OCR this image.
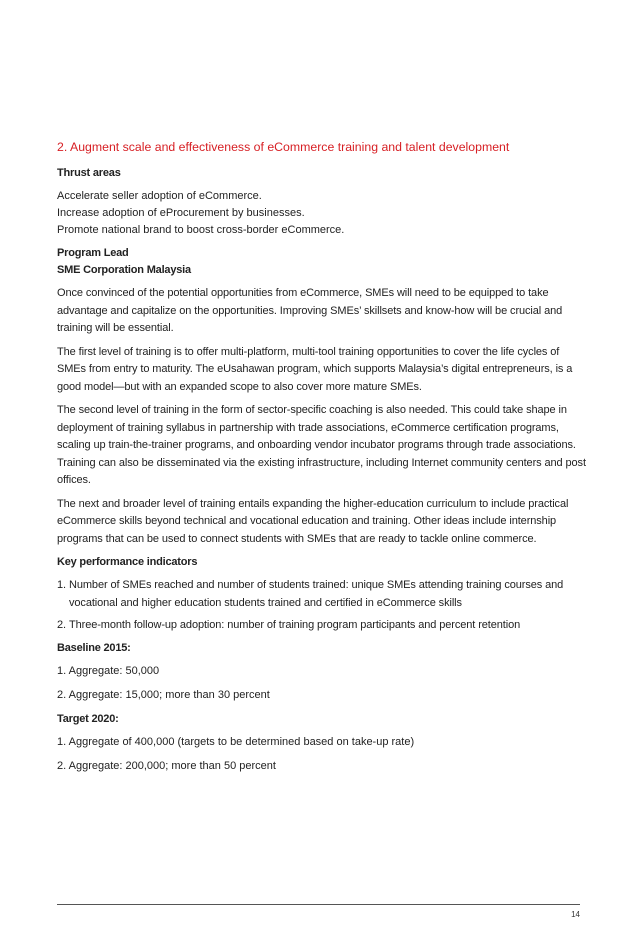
2. Augment scale and effectiveness of eCommerce training and talent development
Thrust areas
Accelerate seller adoption of eCommerce.
Increase adoption of eProcurement by businesses.
Promote national brand to boost cross-border eCommerce.
Program Lead
SME Corporation Malaysia

Once convinced of the potential opportunities from eCommerce, SMEs will need to be equipped to take advantage and capitalize on the opportunities. Improving SMEs’ skillsets and know-how will be crucial and training will be essential.

The first level of training is to offer multi-platform, multi-tool training opportunities to cover the life cycles of SMEs from entry to maturity. The eUsahawan program, which supports Malaysia’s digital entrepreneurs, is a good model—but with an expanded scope to also cover more mature SMEs.

The second level of training in the form of sector-specific coaching is also needed. This could take shape in deployment of training syllabus in partnership with trade associations, eCommerce certification programs, scaling up train-the-trainer programs, and onboarding vendor incubator programs through trade associations. Training can also be disseminated via the existing infrastructure, including Internet community centers and post offices.

The next and broader level of training entails expanding the higher-education curriculum to include practical eCommerce skills beyond technical and vocational education and training. Other ideas include internship programs that can be used to connect students with SMEs that are ready to tackle online commerce.

Key performance indicators
1. Number of SMEs reached and number of students trained: unique SMEs attending training courses and vocational and higher education students trained and certified in eCommerce skills
2. Three-month follow-up adoption: number of training program participants and percent retention
Baseline 2015:
1. Aggregate: 50,000
2. Aggregate: 15,000; more than 30 percent
Target 2020:
1. Aggregate of 400,000 (targets to be determined based on take-up rate)
2. Aggregate: 200,000; more than 50 percent
14
